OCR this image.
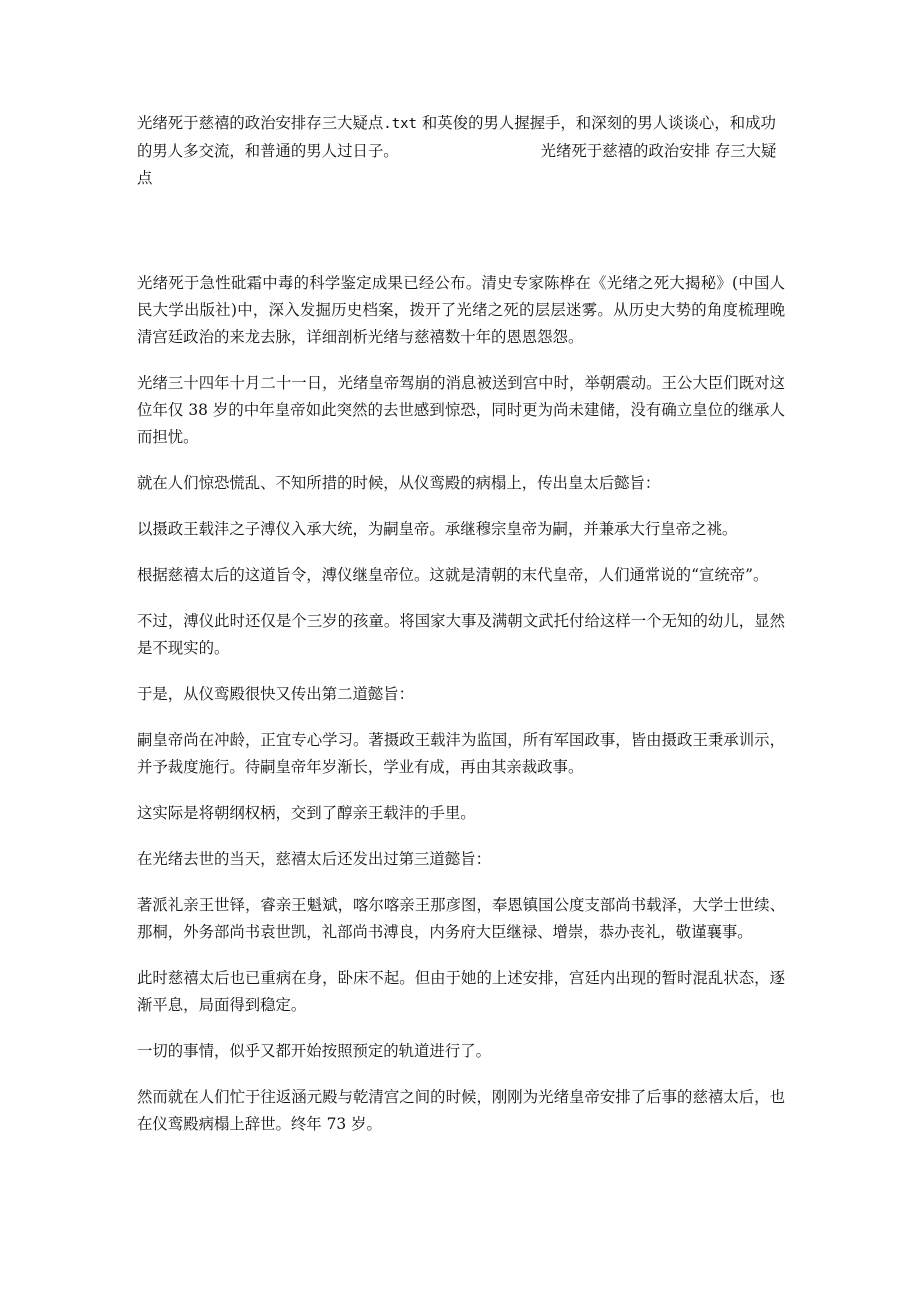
光绪死于慈禧的政治安排存三大疑点.txt 和英俊的男人握握手，和深刻的男人谈谈心，和成功的男人多交流，和普通的男人过日子。	光绪死于慈禧的政治安排 存三大疑点

光绪死于急性砒霜中毒的科学鉴定成果已经公布。清史专家陈桦在《光绪之死大揭秘》(中国人民大学出版社)中，深入发掘历史档案，拨开了光绪之死的层层迷雾。从历史大势的角度梳理晚清宫廷政治的来龙去脉，详细剖析光绪与慈禧数十年的恩恩怨怨。

光绪三十四年十月二十一日，光绪皇帝驾崩的消息被送到宫中时，举朝震动。王公大臣们既对这位年仅 38 岁的中年皇帝如此突然的去世感到惊恐，同时更为尚未建储，没有确立皇位的继承人而担忧。

就在人们惊恐慌乱、不知所措的时候，从仪鸾殿的病榻上，传出皇太后懿旨：

以摄政王载沣之子溥仪入承大统，为嗣皇帝。承继穆宗皇帝为嗣，并兼承大行皇帝之祧。

根据慈禧太后的这道旨令，溥仪继皇帝位。这就是清朝的末代皇帝，人们通常说的“宣统帝”。

不过，溥仪此时还仅是个三岁的孩童。将国家大事及满朝文武托付给这样一个无知的幼儿，显然是不现实的。

于是，从仪鸾殿很快又传出第二道懿旨：

嗣皇帝尚在冲龄，正宜专心学习。著摄政王载沣为监国，所有军国政事，皆由摄政王秉承训示，并予裁度施行。待嗣皇帝年岁渐长，学业有成，再由其亲裁政事。

这实际是将朝纲权柄，交到了醇亲王载沣的手里。

在光绪去世的当天，慈禧太后还发出过第三道懿旨：

著派礼亲王世铎，睿亲王魁斌，喀尔喀亲王那彦图，奉恩镇国公度支部尚书载泽，大学士世续、那桐，外务部尚书袁世凯，礼部尚书溥良，内务府大臣继禄、增崇，恭办丧礼，敬谨襄事。

此时慈禧太后也已重病在身，卧床不起。但由于她的上述安排，宫廷内出现的暂时混乱状态，逐渐平息，局面得到稳定。

一切的事情，似乎又都开始按照预定的轨道进行了。

然而就在人们忙于往返涵元殿与乾清宫之间的时候，刚刚为光绪皇帝安排了后事的慈禧太后，也在仪鸾殿病榻上辞世。终年 73 岁。
